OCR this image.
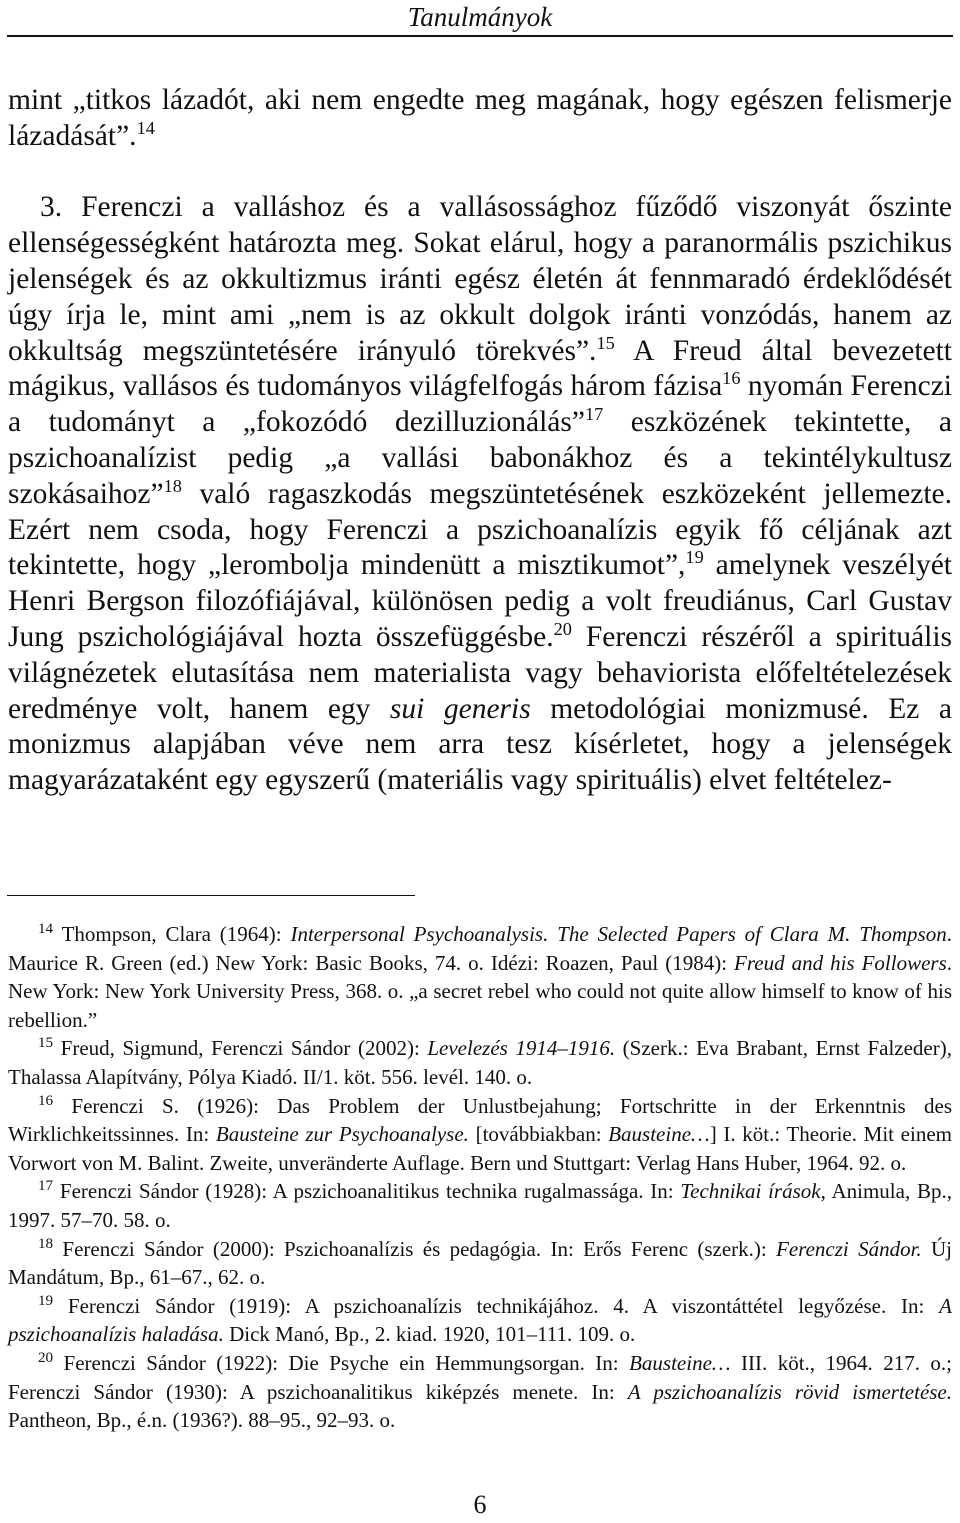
Tanulmányok

mint „titkos lázadót, aki nem engedte meg magának, hogy egészen felismerje lázadását”.$^{14}$

3. Ferenczi a valláshoz és a vallásossághoz fűződő viszonyát őszinte ellenségességként határozta meg. Sokat elárul, hogy a paranormális pszichikus jelenségek és az okkultizmus iránti egész életén át fennmaradó érdeklődését úgy írja le, mint ami „nem is az okkult dolgok iránti vonzódás, hanem az okkultság megszüntetésére irányuló törekvés”.$^{15}$ A Freud által bevezetett mágikus, vallásos és tudományos világfelfogás három fázisa$^{16}$ nyomán Ferenczi a tudományt a „fokozódó dezilluzionálás”$^{17}$ eszközének tekintette, a pszichoanalízist pedig „a vallási babonákhoz és a tekintélykultusz szokásaihoz”$^{18}$ való ragaszkodás megszüntetésének eszközeként jellemezte. Ezért nem csoda, hogy Ferenczi a pszichoanalízis egyik fő céljának azt tekintette, hogy „lerombolja mindenütt a misztikumot”,$^{19}$ amelynek veszélyét Henri Bergson filozófiájával, különösen pedig a volt freudiánus, Carl Gustav Jung pszichológiájával hozta összefüggésbe.$^{20}$ Ferenczi részéről a spirituális világnézetek elutasítása nem materialista vagy behaviorista előfeltételezések eredménye volt, hanem egy sui generis metodológiai monizmusé. Ez a monizmus alapjában véve nem arra tesz kísérletet, hogy a jelenségek magyarázataként egy egyszerű (materiális vagy spirituális) elvet feltételez-

$^{14}$ Thompson, Clara (1964): Interpersonal Psychoanalysis. The Selected Papers of Clara M. Thompson. Maurice R. Green (ed.) New York: Basic Books, 74. o. Idézi: Roazen, Paul (1984): Freud and his Followers. New York: New York University Press, 368. o. „a secret rebel who could not quite allow himself to know of his rebellion.”

$^{15}$ Freud, Sigmund, Ferenczi Sándor (2002): Levelezés 1914–1916. (Szerk.: Eva Brabant, Ernst Falzeder), Thalassa Alapítvány, Pólya Kiadó. II/1. köt. 556. levél. 140. o.

$^{16}$ Ferenczi S. (1926): Das Problem der Unlustbejahung; Fortschritte in der Erkenntnis des Wirklichkeitssinnes. In: Bausteine zur Psychoanalyse. [továbbiakban: Bausteine…] I. köt.: Theorie. Mit einem Vorwort von M. Balint. Zweite, unveränderte Auflage. Bern und Stuttgart: Verlag Hans Huber, 1964. 92. o.

$^{17}$ Ferenczi Sándor (1928): A pszichoanalitikus technika rugalmassága. In: Technikai írások, Animula, Bp., 1997. 57–70. 58. o.

$^{18}$ Ferenczi Sándor (2000): Pszichoanalízis és pedagógia. In: Erős Ferenc (szerk.): Ferenczi Sándor. Új Mandátum, Bp., 61–67., 62. o.

$^{19}$ Ferenczi Sándor (1919): A pszichoanalízis technikájához. 4. A viszontáttétel legyőzése. In: A pszichoanalízis haladása. Dick Manó, Bp., 2. kiad. 1920, 101–111. 109. o.

$^{20}$ Ferenczi Sándor (1922): Die Psyche ein Hemmungsorgan. In: Bausteine… III. köt., 1964. 217. o.; Ferenczi Sándor (1930): A pszichoanalitikus kiképzés menete. In: A pszichoanalízis rövid ismertetése. Pantheon, Bp., é.n. (1936?). 88–95., 92–93. o.

6
